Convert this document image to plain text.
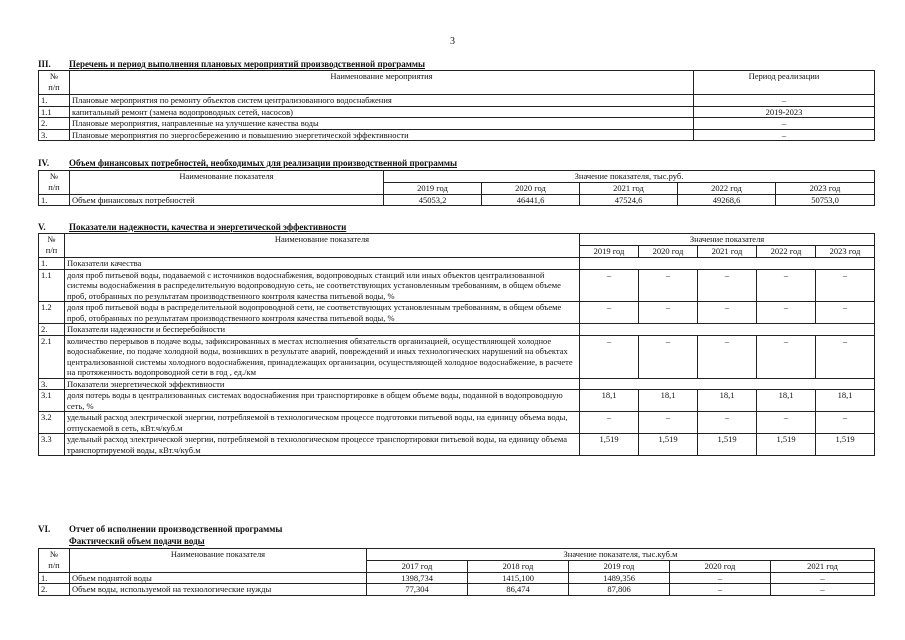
3
III. Перечень и период выполнения плановых мероприятий производственной программы
№
п/п	Наименование мероприятия	Период реализации
1.	Плановые мероприятия по ремонту объектов систем централизованного водоснабжения	–
1.1	капитальный ремонт (замена водопроводных сетей, насосов)	2019-2023
2.	Плановые мероприятия, направленные на улучшение качества воды	–
3.	Плановые мероприятия по энергосбережению и повышению энергетической эффективности	–
IV. Объем финансовых потребностей, необходимых для реализации производственной программы
№
п/п	Наименование показателя	Значение показателя, тыс.руб.				
		2019 год	2020 год	2021 год	2022 год	2023 год
1.	Объем финансовых потребностей	45053,2	46441,6	47524,6	49268,6	50753,0
V.	Показатели надежности, качества и энергетической эффективности
№
п/п	Наименование показателя	Значение показателя				
		2019 год	2020 год	2021 год	2022 год	2023 год
1.	Показатели качества					
1.1	доля проб питьевой воды, подаваемой с источников водоснабжения, водопроводных станций или иных объектов централизованной системы водоснабжения в распределительную водопроводную сеть, не соответствующих установленным требованиям, в общем объеме проб, отобранных по результатам производственного контроля качества питьевой воды, %	–	–	–	–	–
1.2	доля проб питьевой воды в распределительной водопроводной сети, не соответствующих установленным требованиям, в общем объеме проб, отобранных по результатам производственного контроля качества питьевой воды, %	–	–	–	–	–
2.	Показатели надежности и бесперебойности					
2.1	количество перерывов в подаче воды, зафиксированных в местах исполнения обязательств организацией, осуществляющей холодное водоснабжение, по подаче холодной воды, возникших в результате аварий, повреждений и иных технологических нарушений на объектах централизованной системы холодного водоснабжения, принадлежащих организации, осуществляющей холодное водоснабжение, в расчете на протяженность водопроводной сети в год , ед./км	–	–	–	–	–
3.	Показатели энергетической эффективности					
3.1	доля потерь воды в централизованных системах водоснабжения при транспортировке в общем объеме воды, поданной в водопроводную сеть, %	18,1	18,1	18,1	18,1	18,1
3.2	удельный расход электрической энергии, потребляемой в технологическом процессе подготовки питьевой воды, на единицу объема воды, отпускаемой в сеть, кВт.ч/куб.м	–	–	–	–	–
3.3	удельный расход электрической энергии, потребляемой в технологическом процессе транспортировки питьевой воды, на единицу объема транспортируемой воды, кВт.ч/куб.м	1,519	1,519	1,519	1,519	1,519
VI. Отчет об исполнении производственной программы
Фактический объем подачи воды
№
п/п	Наименование показателя	Значение показателя, тыс.куб.м				
		2017 год	2018 год	2019 год	2020 год	2021 год
1.	Объем поднятой воды	1398,734	1415,100	1489,356	–	–
2.	Объем воды, используемой на технологические нужды	77,304	86,474	87,806	–	–
